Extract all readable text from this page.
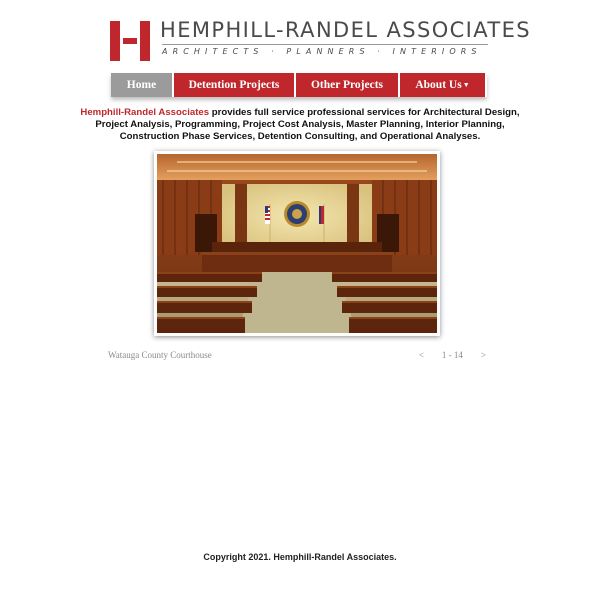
HEMPHILL-RANDEL ASSOCIATES
ARCHITECTS · PLANNERS · INTERIORS
Home	Detention Projects	Other Projects	About Us▼
Hemphill-Randel Associates provides full service professional services for Architectural Design, Project Analysis, Programming, Project Cost Analysis, Master Planning, Interior Planning, Construction Phase Services, Detention Consulting, and Operational Analyses.
Watauga County Courthouse	< 1 - 14 >
Copyright 2021. Hemphill-Randel Associates.
